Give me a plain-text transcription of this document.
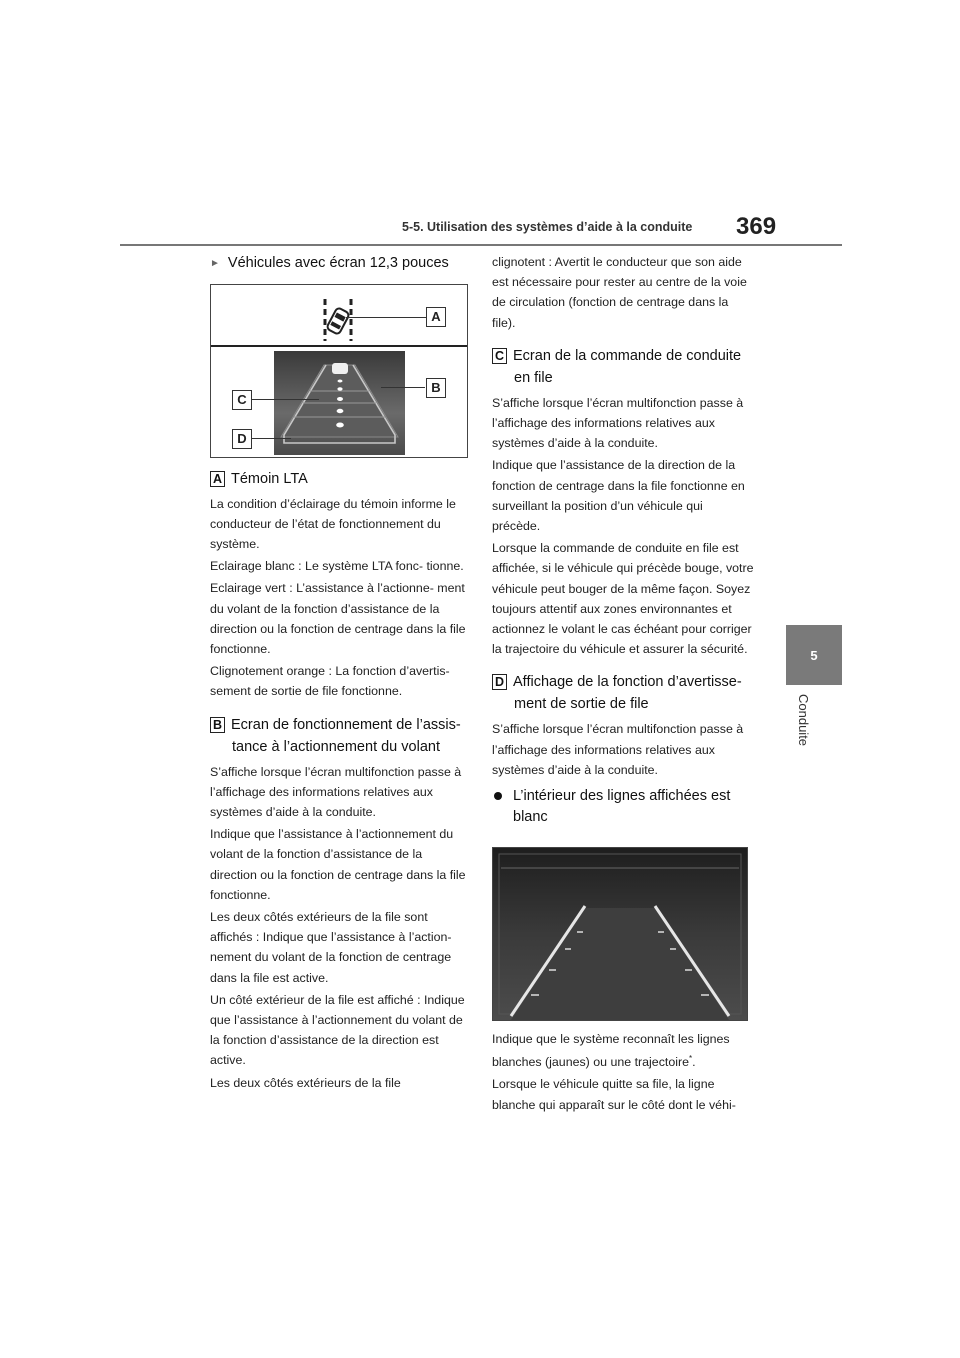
5-5. Utilisation des systèmes d’aide à la conduite 369
5
Conduite
► Véhicules avec écran 12,3 pouces
A
B
C
D
A Témoin LTA

La condition d’éclairage du témoin informe le conducteur de l’état de fonctionnement du système.

Eclairage blanc : Le système LTA fonc- tionne.

Eclairage vert : L’assistance à l’actionne- ment du volant de la fonction d’assistance de la direction ou la fonction de centrage dans la file fonctionne.

Clignotement orange : La fonction d’avertis- sement de sortie de file fonctionne.

B Ecran de fonctionnement de l’assis-
tance à l’actionnement du volant

S’affiche lorsque l’écran multifonction passe à l’affichage des informations relatives aux systèmes d’aide à la conduite.

Indique que l’assistance à l’actionnement du volant de la fonction d’assistance de la direction ou la fonction de centrage dans la file fonctionne.

Les deux côtés extérieurs de la file sont affichés : Indique que l’assistance à l’action- nement du volant de la fonction de centrage dans la file est active.

Un côté extérieur de la file est affiché : Indique que l’assistance à l’actionnement du volant de la fonction d’assistance de la direction est active.

Les deux côtés extérieurs de la file

clignotent : Avertit le conducteur que son aide est nécessaire pour rester au centre de la voie de circulation (fonction de centrage dans la file).

C Ecran de la commande de conduite
en file

S’affiche lorsque l’écran multifonction passe à l’affichage des informations relatives aux systèmes d’aide à la conduite.

Indique que l’assistance de la direction de la fonction de centrage dans la file fonctionne en surveillant la position d’un véhicule qui précède.

Lorsque la commande de conduite en file est affichée, si le véhicule qui précède bouge, votre véhicule peut bouger de la même façon. Soyez toujours attentif aux zones environnantes et actionnez le volant le cas échéant pour corriger la trajectoire du véhicule et assurer la sécurité.

D Affichage de la fonction d’avertisse-
ment de sortie de file

S’affiche lorsque l’écran multifonction passe à l’affichage des informations relatives aux systèmes d’aide à la conduite.

L’intérieur des lignes affichées est blanc

Indique que le système reconnaît les lignes blanches (jaunes) ou une trajectoire*.

Lorsque le véhicule quitte sa file, la ligne blanche qui apparaît sur le côté dont le véhi-
